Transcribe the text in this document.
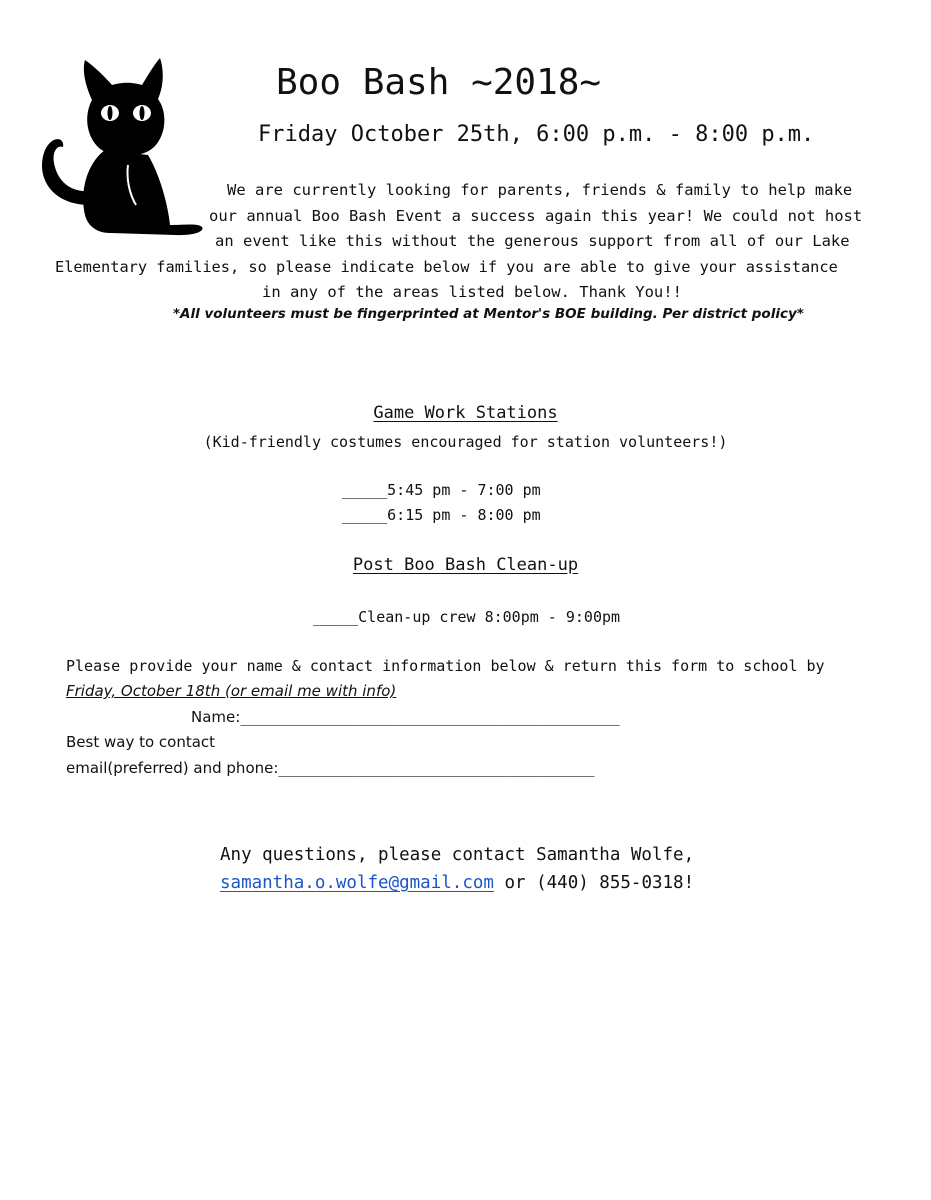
Boo Bash ~2018~
Friday October 25th, 6:00 p.m. - 8:00 p.m.
We are currently looking for parents, friends & family to help make
our annual Boo Bash Event a success again this year! We could not host
an event like this without the generous support from all of our Lake
Elementary families, so please indicate below if you are able to give your assistance
in any of the areas listed below. Thank You!!
*All volunteers must be fingerprinted at Mentor's BOE building. Per district policy*
Game Work Stations
(Kid-friendly costumes encouraged for station volunteers!)
_____5:45 pm - 7:00 pm
_____6:15 pm - 8:00 pm
Post Boo Bash Clean-up
_____Clean-up crew 8:00pm - 9:00pm
Please provide your name & contact information below & return this form to school by
Friday, October 18th (or email me with info)
Name:__________________________________________
Best way to contact
email(preferred) and phone:___________________________________
Any questions, please contact Samantha Wolfe,
samantha.o.wolfe@gmail.com or (440) 855-0318!
